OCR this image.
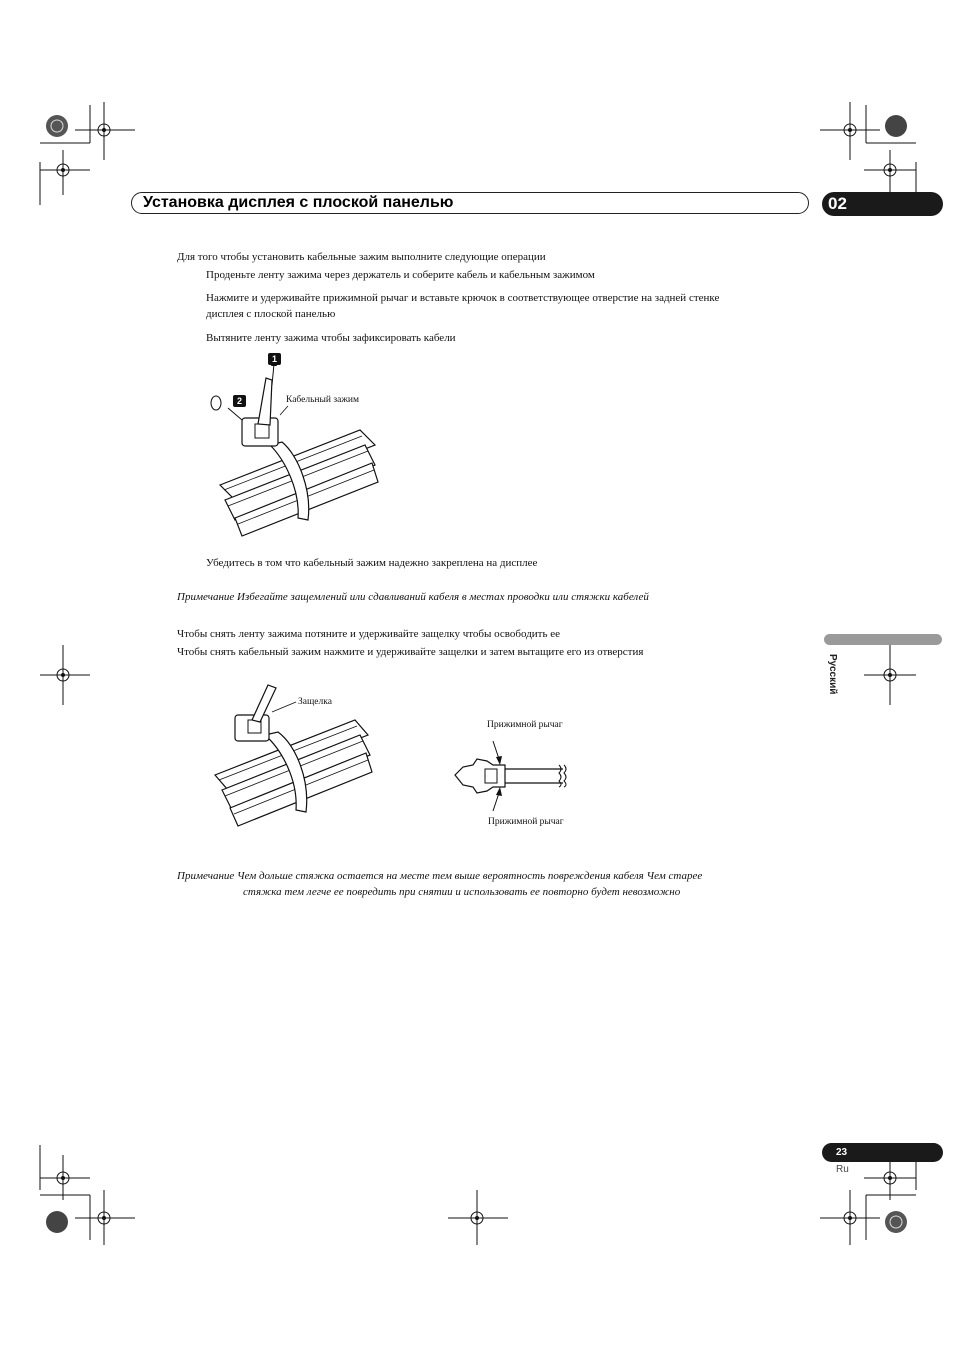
Установка дисплея с плоской панелью	02
Русский
Для того чтобы установить кабельные зажим выполните следующие операции
Проденьте ленту зажима через держатель и соберите кабель и кабельным зажимом
Нажмите и удерживайте прижимной рычаг и вставьте крючок в соответствующее отверстие на задней стенке
дисплея с плоской панелью
Вытяните ленту зажима чтобы зафиксировать кабели
1
2	Кабельный зажим
Убедитесь в том что кабельный зажим надежно закреплена на дисплее
Примечание Избегайте защемлений или сдавливаний кабеля в местах проводки или стяжки кабелей
Чтобы снять ленту зажима потяните и удерживайте защелку чтобы освободить ее
Чтобы снять кабельный зажим нажмите и удерживайте защелки и затем вытащите его из отверстия
Защелка
Прижимной рычаг
Прижимной рычаг
Примечание Чем дольше стяжка остается на месте тем выше вероятность повреждения кабеля Чем старее
стяжка тем легче ее повредить при снятии и использовать ее повторно будет невозможно
23
Ru
